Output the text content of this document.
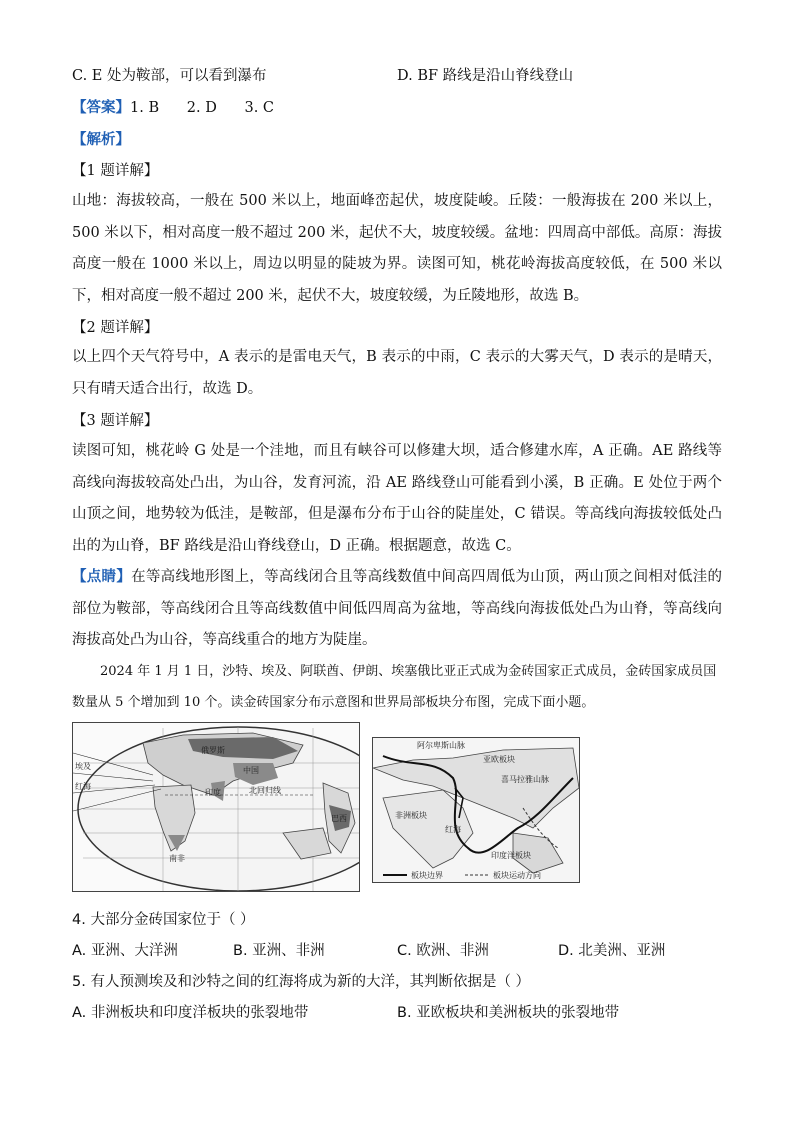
C. E 处为鞍部，可以看到瀑布	D. BF 路线是沿山脊线登山
【答案】1. B      2. D      3. C
【解析】
【1 题详解】
山地：海拔较高，一般在 500 米以上，地面峰峦起伏，坡度陡峻。丘陵：一般海拔在 200 米以上，500 米以下，相对高度一般不超过 200 米，起伏不大，坡度较缓。盆地：四周高中部低。高原：海拔高度一般在 1000 米以上，周边以明显的陡坡为界。读图可知，桃花岭海拔高度较低，在 500 米以下，相对高度一般不超过 200 米，起伏不大，坡度较缓，为丘陵地形，故选 B。
【2 题详解】
以上四个天气符号中，A 表示的是雷电天气，B 表示的中雨，C 表示的大雾天气，D 表示的是晴天，只有晴天适合出行，故选 D。
【3 题详解】
读图可知，桃花岭 G 处是一个洼地，而且有峡谷可以修建大坝，适合修建水库，A 正确。AE 路线等高线向海拔较高处凸出，为山谷，发育河流，沿 AE 路线登山可能看到小溪，B 正确。E 处位于两个山顶之间，地势较为低洼，是鞍部，但是瀑布分布于山谷的陡崖处，C 错误。等高线向海拔较低处凸出的为山脊，BF 路线是沿山脊线登山，D 正确。根据题意，故选 C。
【点睛】在等高线地形图上，等高线闭合且等高线数值中间高四周低为山顶，两山顶之间相对低洼的部位为鞍部，等高线闭合且等高线数值中间低四周高为盆地，等高线向海拔低处凸为山脊，等高线向海拔高处凸为山谷，等高线重合的地方为陡崖。
2024 年 1 月 1 日，沙特、埃及、阿联酋、伊朗、埃塞俄比亚正式成为金砖国家正式成员，金砖国家成员国数量从 5 个增加到 10 个。读金砖国家分布示意图和世界局部板块分布图，完成下面小题。
俄罗斯
中国
印度
巴西
南非
红海
埃及
北回归线
阿尔卑斯山脉
亚欧板块
喜马拉雅山脉
非洲板块
红海
印度洋板块
板块边界	板块运动方向
4. 大部分金砖国家位于（ ）
A. 亚洲、大洋洲	B. 亚洲、非洲	C. 欧洲、非洲	D. 北美洲、亚洲
5. 有人预测埃及和沙特之间的红海将成为新的大洋，其判断依据是（ ）
A. 非洲板块和印度洋板块的张裂地带	B. 亚欧板块和美洲板块的张裂地带
